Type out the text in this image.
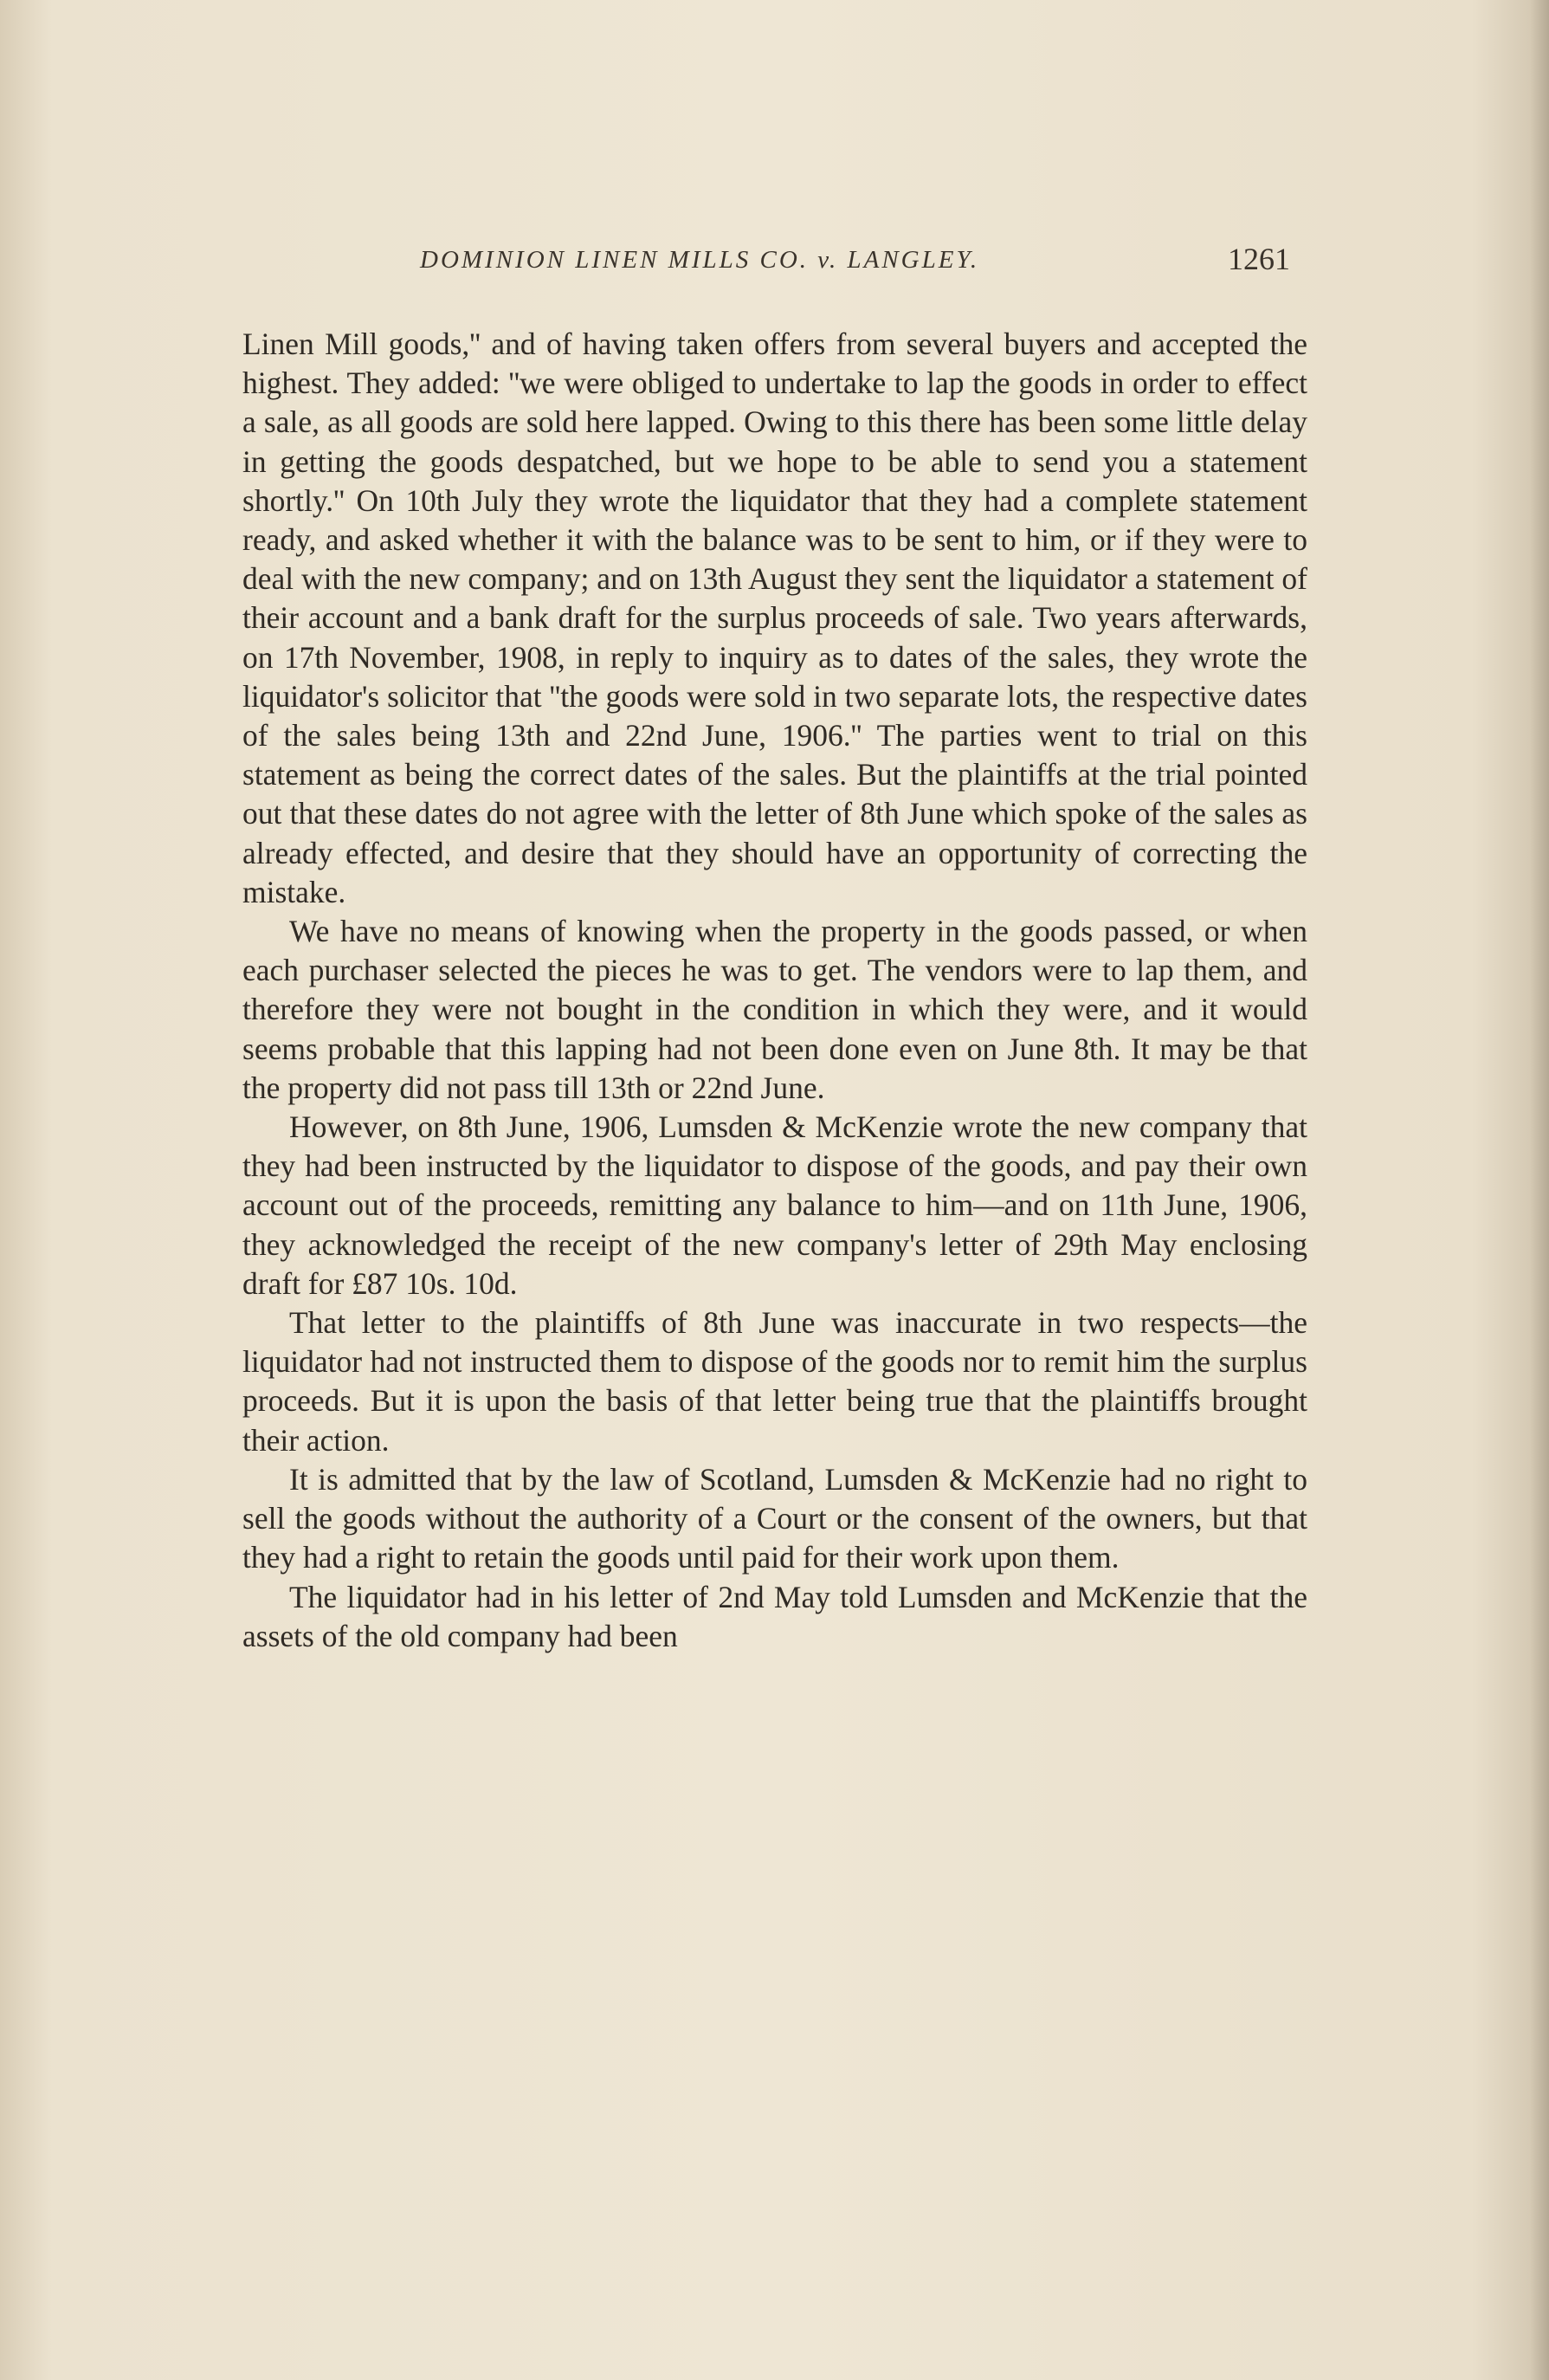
DOMINION LINEN MILLS CO. v. LANGLEY.	1261

Linen Mill goods,'' and of having taken offers from several buyers and accepted the highest. They added: ''we were obliged to undertake to lap the goods in order to effect a sale, as all goods are sold here lapped. Owing to this there has been some little delay in getting the goods despatched, but we hope to be able to send you a statement shortly.'' On 10th July they wrote the liquidator that they had a complete statement ready, and asked whether it with the balance was to be sent to him, or if they were to deal with the new company; and on 13th August they sent the liquidator a statement of their account and a bank draft for the surplus proceeds of sale. Two years afterwards, on 17th November, 1908, in reply to inquiry as to dates of the sales, they wrote the liquidator's solicitor that ''the goods were sold in two separate lots, the respective dates of the sales being 13th and 22nd June, 1906.'' The parties went to trial on this statement as being the correct dates of the sales. But the plaintiffs at the trial pointed out that these dates do not agree with the letter of 8th June which spoke of the sales as already effected, and desire that they should have an opportunity of correcting the mistake.

We have no means of knowing when the property in the goods passed, or when each purchaser selected the pieces he was to get. The vendors were to lap them, and therefore they were not bought in the condition in which they were, and it would seems probable that this lapping had not been done even on June 8th. It may be that the property did not pass till 13th or 22nd June.

However, on 8th June, 1906, Lumsden & McKenzie wrote the new company that they had been instructed by the liquidator to dispose of the goods, and pay their own account out of the proceeds, remitting any balance to him—and on 11th June, 1906, they acknowledged the receipt of the new company's letter of 29th May enclosing draft for £87 10s. 10d.

That letter to the plaintiffs of 8th June was inaccurate in two respects—the liquidator had not instructed them to dispose of the goods nor to remit him the surplus proceeds. But it is upon the basis of that letter being true that the plaintiffs brought their action.

It is admitted that by the law of Scotland, Lumsden & McKenzie had no right to sell the goods without the authority of a Court or the consent of the owners, but that they had a right to retain the goods until paid for their work upon them.

The liquidator had in his letter of 2nd May told Lumsden and McKenzie that the assets of the old company had been
